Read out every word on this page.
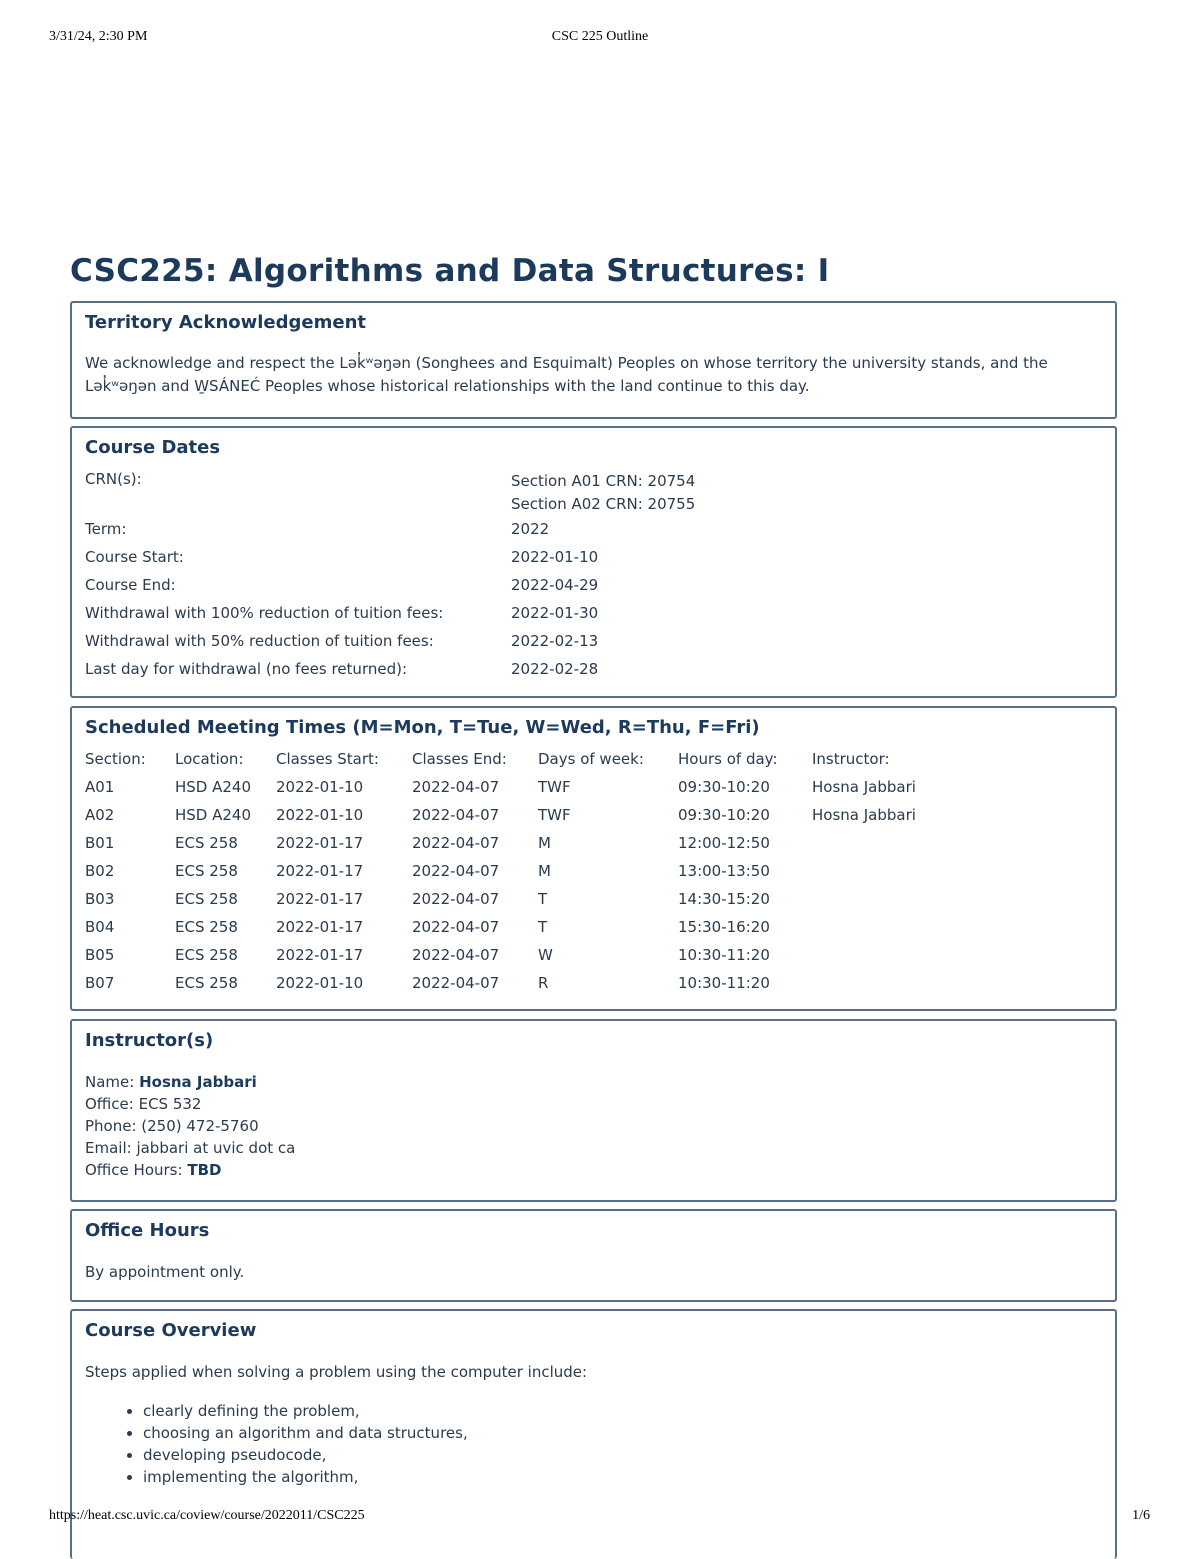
CSC 225 Outline
3/31/24, 2:30 PM
CSC225: Algorithms and Data Structures: I
Territory Acknowledgement

We acknowledge and respect the Lək̓ʷəŋən (Songhees and Esquimalt) Peoples on whose territory the university stands, and the Lək̓ʷəŋən and W̱SÁNEĆ Peoples whose historical relationships with the land continue to this day.

Course Dates
CRN(s):	Section A01 CRN: 20754
Section A02 CRN: 20755

Term:	2022
Course Start:	2022-01-10
Course End:	2022-04-29
Withdrawal with 100% reduction of tuition fees:	2022-01-30
Withdrawal with 50% reduction of tuition fees:	2022-02-13
Last day for withdrawal (no fees returned):	2022-02-28
Scheduled Meeting Times (M=Mon, T=Tue, W=Wed, R=Thu, F=Fri)
Section:	Location:	Classes Start:	Classes End:	Days of week:	Hours of day:	Instructor:
A01	HSD A240	2022-01-10	2022-04-07	TWF	09:30-10:20	Hosna Jabbari
A02	HSD A240	2022-01-10	2022-04-07	TWF	09:30-10:20	Hosna Jabbari
B01	ECS 258	2022-01-17	2022-04-07	M	12:00-12:50	
B02	ECS 258	2022-01-17	2022-04-07	M	13:00-13:50	
B03	ECS 258	2022-01-17	2022-04-07	T	14:30-15:20	
B04	ECS 258	2022-01-17	2022-04-07	T	15:30-16:20	
B05	ECS 258	2022-01-17	2022-04-07	W	10:30-11:20	
B07	ECS 258	2022-01-10	2022-04-07	R	10:30-11:20	
Instructor(s)
Name: Hosna Jabbari
Office: ECS 532
Phone: (250) 472-5760
Email: jabbari at uvic dot ca
Office Hours: TBD
Office Hours

By appointment only.

Course Overview

Steps applied when solving a problem using the computer include:

• clearly defining the problem,
• choosing an algorithm and data structures,
• developing pseudocode,
• implementing the algorithm,
https://heat.csc.uvic.ca/coview/course/2022011/CSC225	1/6
